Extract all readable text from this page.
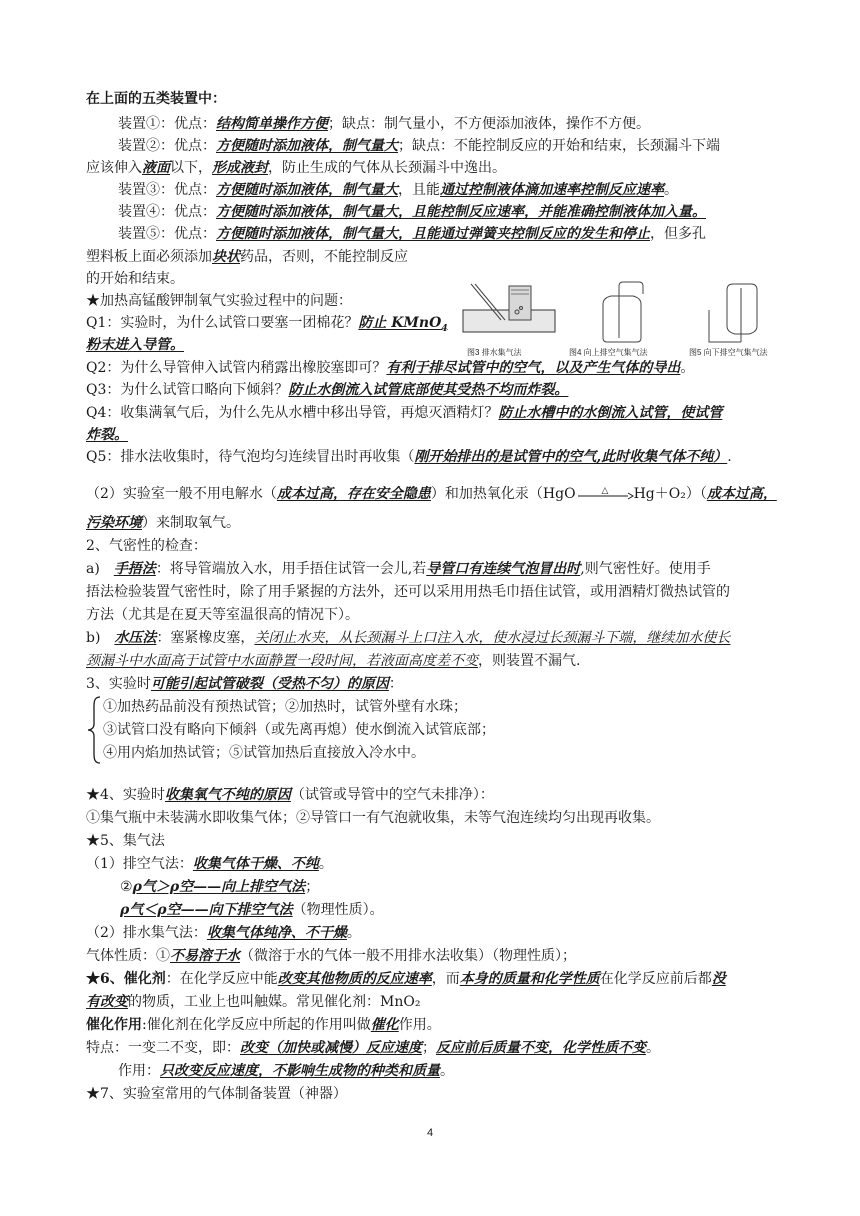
在上面的五类装置中：
装置①：优点：结构简单操作方便；缺点：制气量小，不方便添加液体，操作不方便。
装置②：优点：方便随时添加液体，制气量大；缺点：不能控制反应的开始和结束，长颈漏斗下端
应该伸入液面以下，形成液封，防止生成的气体从长颈漏斗中逸出。
装置③：优点：方便随时添加液体，制气量大，且能通过控制液体滴加速率控制反应速率。
装置④：优点：方便随时添加液体，制气量大，且能控制反应速率，并能准确控制液体加入量。
装置⑤：优点：方便随时添加液体，制气量大，且能通过弹簧夹控制反应的发生和停止，但多孔
塑料板上面必须添加块状药品，否则，不能控制反应
的开始和结束。
★加热高锰酸钾制氧气实验过程中的问题：
Q1：实验时，为什么试管口要塞一团棉花？防止 KMnO$_4$
粉末进入导管。
Q2：为什么导管伸入试管内稍露出橡胶塞即可？有利于排尽试管中的空气，以及产生气体的导出。
Q3：为什么试管口略向下倾斜？防止水倒流入试管底部使其受热不均而炸裂。
Q4：收集满氧气后，为什么先从水槽中移出导管，再熄灭酒精灯？防止水槽中的水倒流入试管，使试管
炸裂。
Q5：排水法收集时，待气泡均匀连续冒出时再收集（刚开始排出的是试管中的空气,此时收集气体不纯）.
（2）实验室一般不用电解水（成本过高，存在安全隐患）和加热氧化汞（HgO	△ Hg＋O₂）（成本过高，
污染环境）来制取氧气。
2、气密性的检查：
a)　手捂法：将导管端放入水，用手捂住试管一会儿,若导管口有连续气泡冒出时,则气密性好。使用手
捂法检验装置气密性时，除了用手紧握的方法外，还可以采用用热毛巾捂住试管，或用酒精灯微热试管的
方法（尤其是在夏天等室温很高的情况下）。
b)　水压法：塞紧橡皮塞，关闭止水夹，从长颈漏斗上口注入水，使水浸过长颈漏斗下端，继续加水使长
颈漏斗中水面高于试管中水面静置一段时间，若液面高度差不变，则装置不漏气.
3、实验时可能引起试管破裂（受热不匀）的原因：
①加热药品前没有预热试管；②加热时，试管外壁有水珠；
③试管口没有略向下倾斜（或先离再熄）使水倒流入试管底部；
④用内焰加热试管；⑤试管加热后直接放入冷水中。
★4、实验时收集氧气不纯的原因（试管或导管中的空气未排净）：
①集气瓶中未装满水即收集气体；②导管口一有气泡就收集，未等气泡连续均匀出现再收集。
★5、集气法
（1）排空气法：收集气体干燥、不纯。
②ρ气＞ρ空——向上排空气法；
ρ气＜ρ空——向下排空气法（物理性质）。
（2）排水集气法：收集气体纯净、不干燥。
气体性质：①不易溶于水（微溶于水的气体一般不用排水法收集）（物理性质）；
★6、催化剂：在化学反应中能改变其他物质的反应速率，而本身的质量和化学性质在化学反应前后都没
有改变的物质，工业上也叫触媒。常见催化剂：MnO₂
催化作用:催化剂在化学反应中所起的作用叫做催化作用。
特点：一变二不变，即：改变（加快或减慢）反应速度；反应前后质量不变，化学性质不变。
作用：只改变反应速度，不影响生成物的种类和质量。
★7、实验室常用的气体制备装置（神器）
图3 排水集气法	图4 向上排空气集气法	图5 向下排空气集气法
4
